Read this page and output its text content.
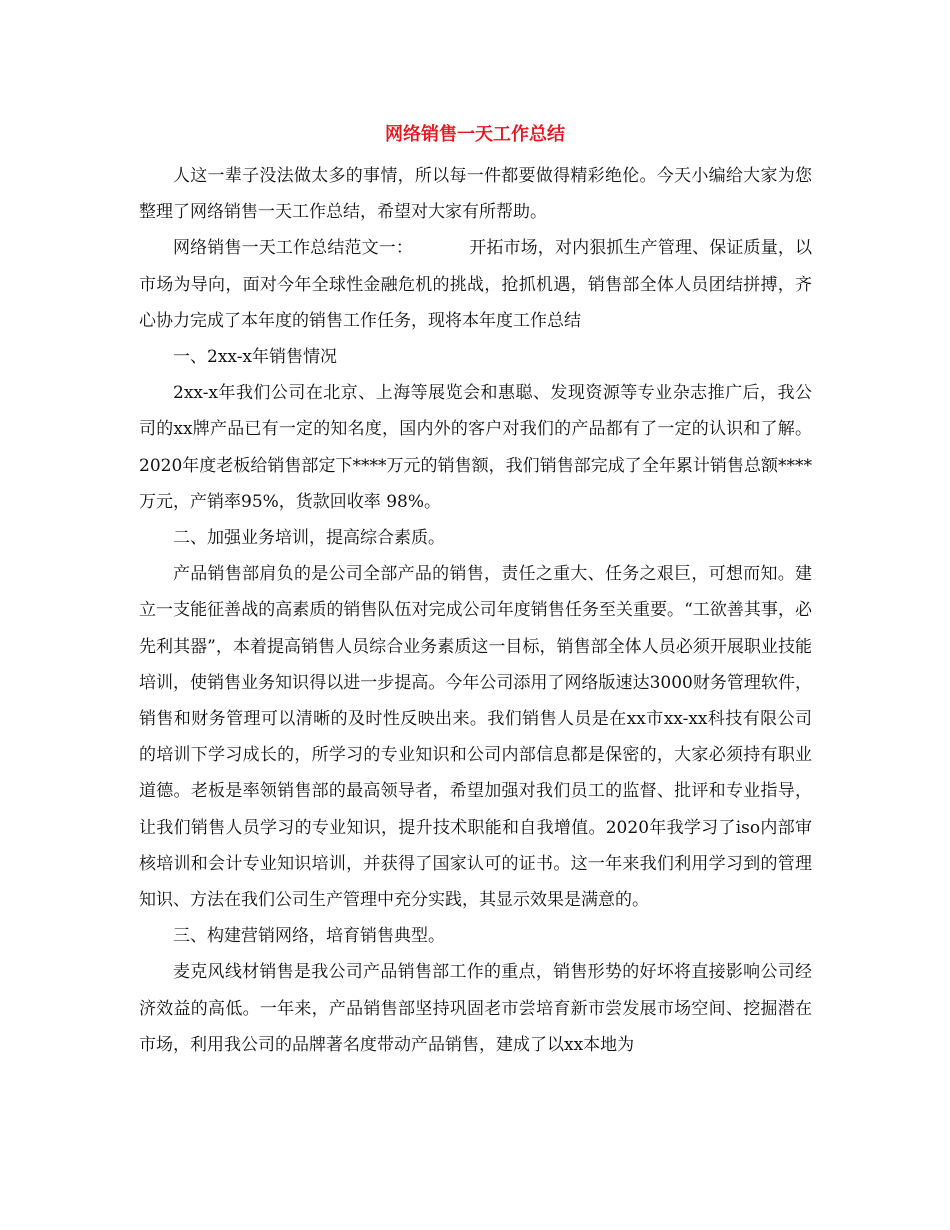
网络销售一天工作总结

人这一辈子没法做太多的事情，所以每一件都要做得精彩绝伦。今天小编给大家为您整理了网络销售一天工作总结，希望对大家有所帮助。

网络销售一天工作总结范文一：	开拓市场，对内狠抓生产管理、保证质量，以市场为导向，面对今年全球性金融危机的挑战，抢抓机遇，销售部全体人员团结拼搏，齐心协力完成了本年度的销售工作任务，现将本年度工作总结

一、2xx-x年销售情况

2xx-x年我们公司在北京、上海等展览会和惠聪、发现资源等专业杂志推广后，我公司的xx牌产品已有一定的知名度，国内外的客户对我们的产品都有了一定的认识和了解。2020年度老板给销售部定下****万元的销售额，我们销售部完成了全年累计销售总额****万元，产销率95%，货款回收率 98%。

二、加强业务培训，提高综合素质。

产品销售部肩负的是公司全部产品的销售，责任之重大、任务之艰巨，可想而知。建立一支能征善战的高素质的销售队伍对完成公司年度销售任务至关重要。“工欲善其事，必先利其器”，本着提高销售人员综合业务素质这一目标，销售部全体人员必须开展职业技能培训，使销售业务知识得以进一步提高。今年公司添用了网络版速达3000财务管理软件，销售和财务管理可以清晰的及时性反映出来。我们销售人员是在xx市xx-xx科技有限公司的培训下学习成长的，所学习的专业知识和公司内部信息都是保密的，大家必须持有职业道德。老板是率领销售部的最高领导者，希望加强对我们员工的监督、批评和专业指导，让我们销售人员学习的专业知识，提升技术职能和自我增值。2020年我学习了iso内部审核培训和会计专业知识培训，并获得了国家认可的证书。这一年来我们利用学习到的管理知识、方法在我们公司生产管理中充分实践，其显示效果是满意的。

三、构建营销网络，培育销售典型。

麦克风线材销售是我公司产品销售部工作的重点，销售形势的好坏将直接影响公司经济效益的高低。一年来，产品销售部坚持巩固老市尝培育新市尝发展市场空间、挖掘潜在市场，利用我公司的品牌著名度带动产品销售，建成了以xx本地为
